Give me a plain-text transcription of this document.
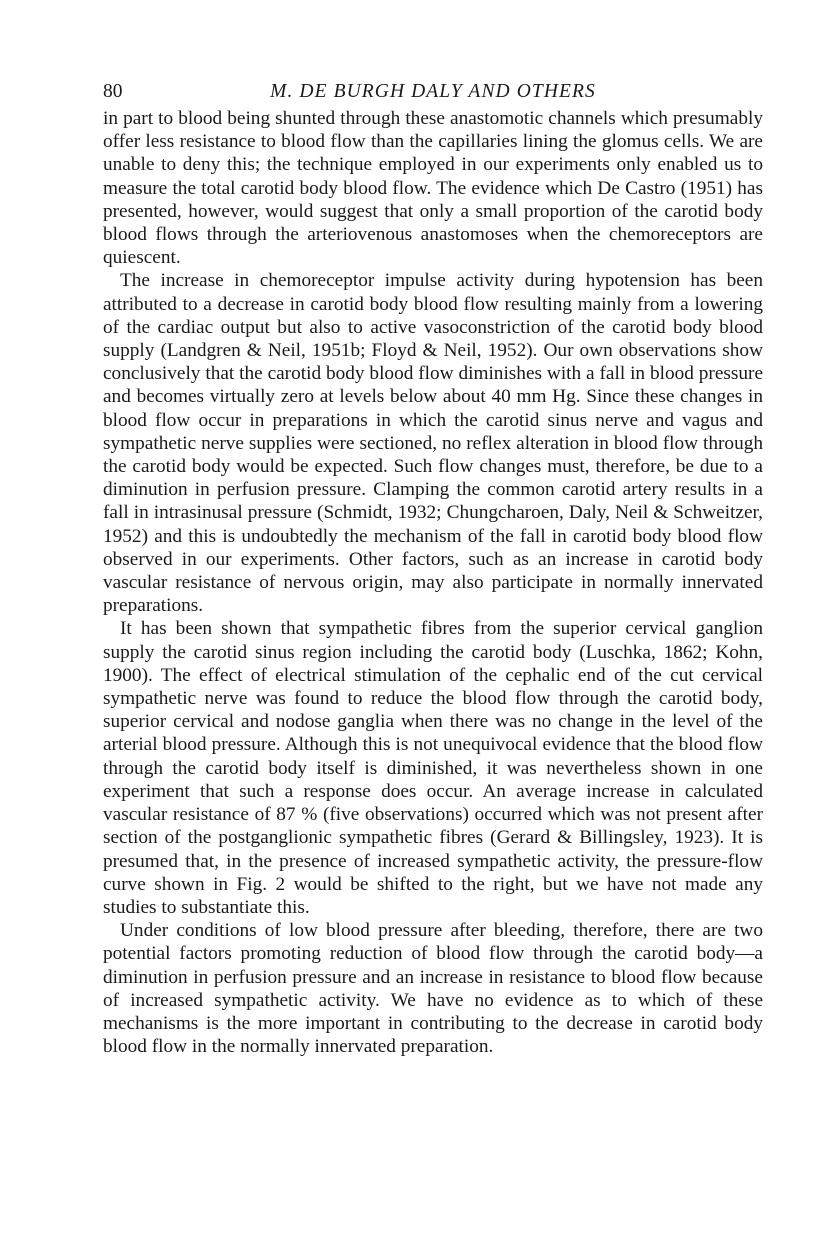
80	M. DE BURGH DALY AND OTHERS

in part to blood being shunted through these anastomotic channels which presumably offer less resistance to blood flow than the capillaries lining the glomus cells. We are unable to deny this; the technique employed in our experiments only enabled us to measure the total carotid body blood flow. The evidence which De Castro (1951) has presented, however, would suggest that only a small proportion of the carotid body blood flows through the arteriovenous anastomoses when the chemoreceptors are quiescent.

The increase in chemoreceptor impulse activity during hypotension has been attributed to a decrease in carotid body blood flow resulting mainly from a lowering of the cardiac output but also to active vasoconstriction of the carotid body blood supply (Landgren & Neil, 1951b; Floyd & Neil, 1952). Our own observations show conclusively that the carotid body blood flow diminishes with a fall in blood pressure and becomes virtually zero at levels below about 40 mm Hg. Since these changes in blood flow occur in preparations in which the carotid sinus nerve and vagus and sympathetic nerve supplies were sectioned, no reflex alteration in blood flow through the carotid body would be expected. Such flow changes must, therefore, be due to a diminution in perfusion pressure. Clamping the common carotid artery results in a fall in intrasinusal pressure (Schmidt, 1932; Chungcharoen, Daly, Neil & Schweitzer, 1952) and this is undoubtedly the mechanism of the fall in carotid body blood flow observed in our experiments. Other factors, such as an increase in carotid body vascular resistance of nervous origin, may also participate in normally innervated preparations.

It has been shown that sympathetic fibres from the superior cervical ganglion supply the carotid sinus region including the carotid body (Luschka, 1862; Kohn, 1900). The effect of electrical stimulation of the cephalic end of the cut cervical sympathetic nerve was found to reduce the blood flow through the carotid body, superior cervical and nodose ganglia when there was no change in the level of the arterial blood pressure. Although this is not unequivocal evidence that the blood flow through the carotid body itself is diminished, it was nevertheless shown in one experiment that such a response does occur. An average increase in calculated vascular resistance of 87 % (five observations) occurred which was not present after section of the postganglionic sympathetic fibres (Gerard & Billingsley, 1923). It is presumed that, in the presence of increased sympathetic activity, the pressure-flow curve shown in Fig. 2 would be shifted to the right, but we have not made any studies to substantiate this.

Under conditions of low blood pressure after bleeding, therefore, there are two potential factors promoting reduction of blood flow through the carotid body—a diminution in perfusion pressure and an increase in resistance to blood flow because of increased sympathetic activity. We have no evidence as to which of these mechanisms is the more important in contributing to the decrease in carotid body blood flow in the normally innervated preparation.
